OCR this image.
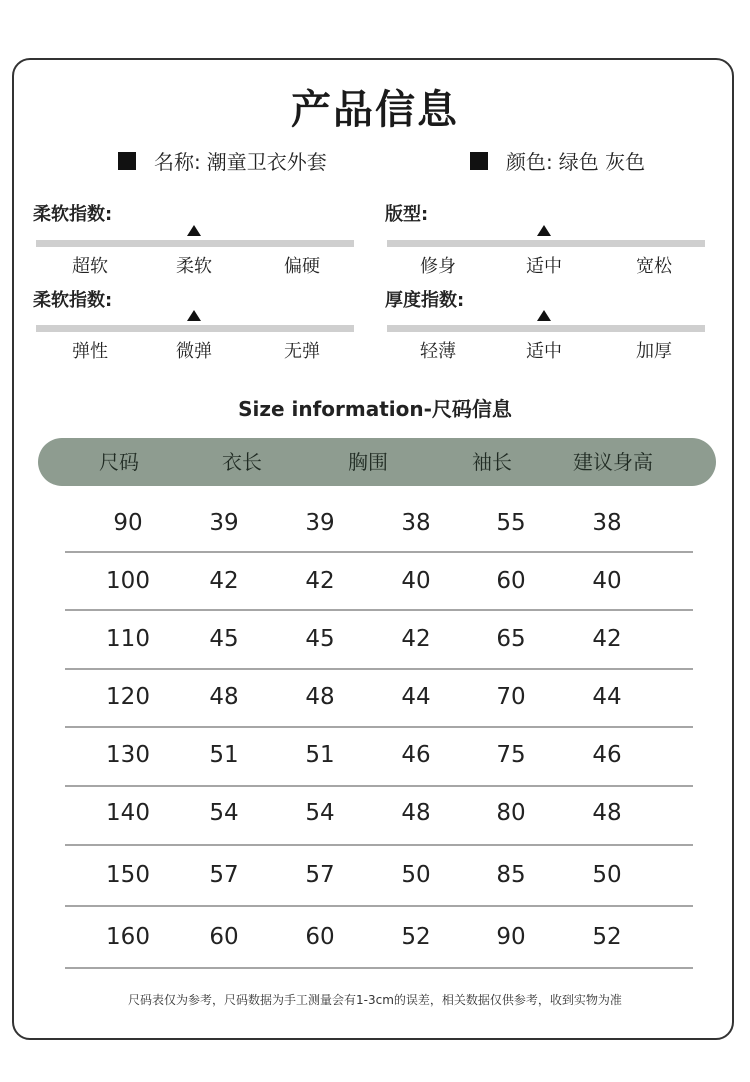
产品信息
名称: 潮童卫衣外套	颜色: 绿色 灰色
柔软指数:
超软	柔软	偏硬
版型:
修身	适中	宽松
柔软指数:
弹性	微弹	无弹
厚度指数:
轻薄	适中	加厚
Size information-尺码信息
尺码	衣长	胸围	袖长	建议身高
90	39	39	38	55	38
100	42	42	40	60	40
110	45	45	42	65	42
120	48	48	44	70	44
130	51	51	46	75	46
140	54	54	48	80	48
150	57	57	50	85	50
160	60	60	52	90	52
尺码表仅为参考，尺码数据为手工测量会有1-3cm的误差，相关数据仅供参考，收到实物为准
